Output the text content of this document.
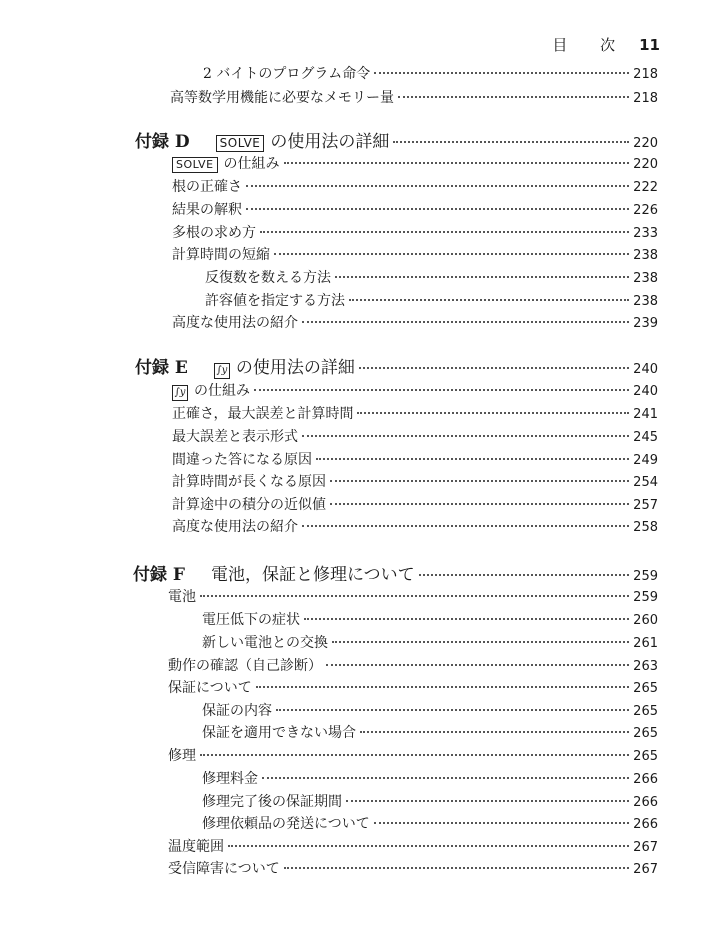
目 次 11
2 バイトのプログラム命令	218
高等数学用機能に必要なメモリー量	218
付録 D	SOLVE の使用法の詳細	220
SOLVE の仕組み	220
根の正確さ	222
結果の解釈	226
多根の求め方	233
計算時間の短縮	238
反復数を数える方法	238
許容値を指定する方法	238
高度な使用法の紹介	239
付録 E	∫y の使用法の詳細	240
∫y の仕組み	240
正確さ，最大誤差と計算時間	241
最大誤差と表示形式	245
間違った答になる原因	249
計算時間が長くなる原因	254
計算途中の積分の近似値	257
高度な使用法の紹介	258
付録 F 電池，保証と修理について	259
電池	259
電圧低下の症状	260
新しい電池との交換	261
動作の確認（自己診断）	263
保証について	265
保証の内容	265
保証を適用できない場合	265
修理	265
修理料金	266
修理完了後の保証期間	266
修理依頼品の発送について	266
温度範囲	267
受信障害について	267
